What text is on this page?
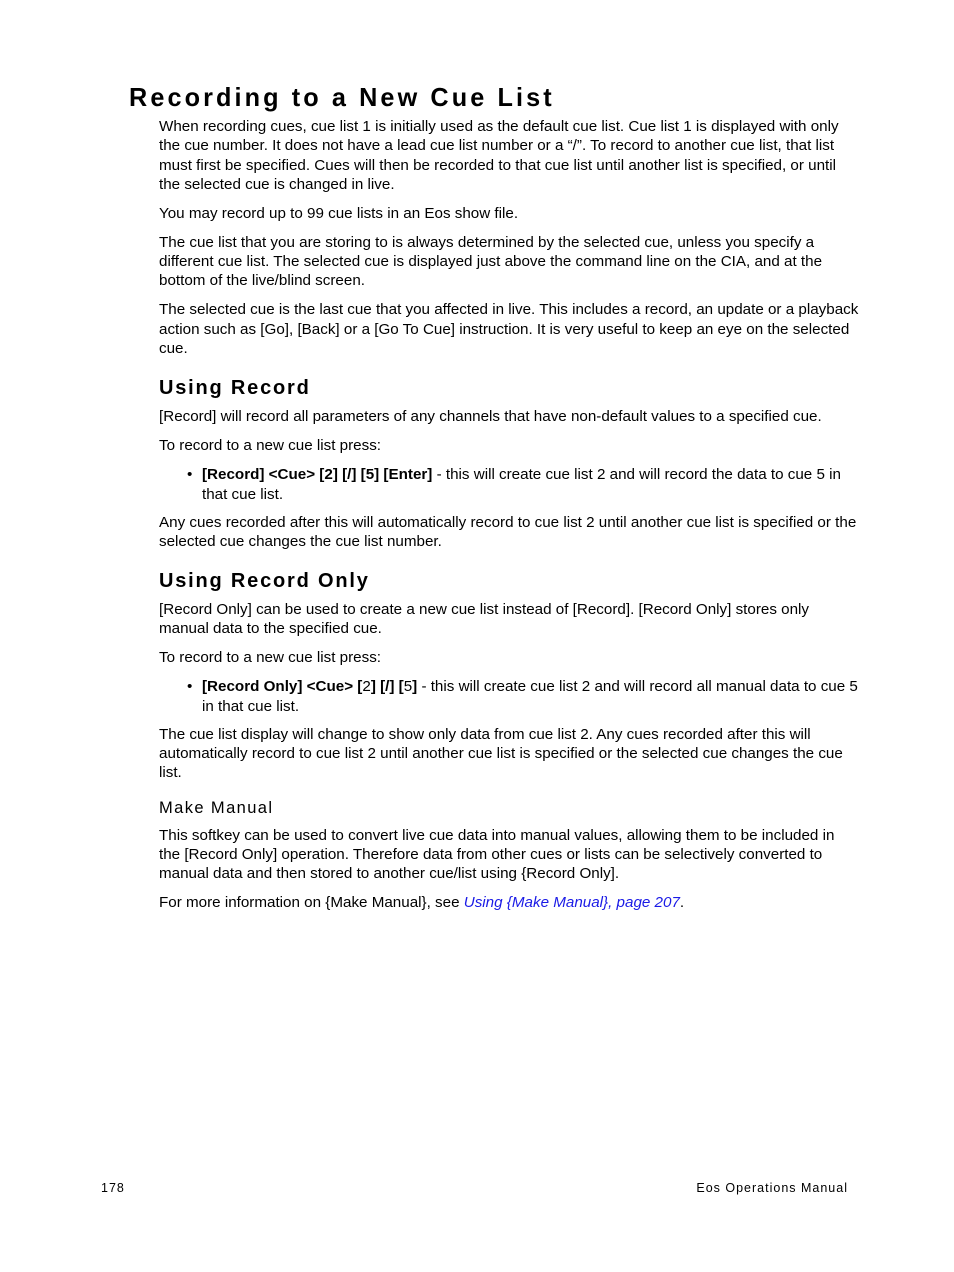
Recording to a New Cue List

When recording cues, cue list 1 is initially used as the default cue list. Cue list 1 is displayed with only the cue number. It does not have a lead cue list number or a “/”. To record to another cue list, that list must first be specified. Cues will then be recorded to that cue list until another list is specified, or until the selected cue is changed in live.

You may record up to 99 cue lists in an Eos show file.

The cue list that you are storing to is always determined by the selected cue, unless you specify a different cue list. The selected cue is displayed just above the command line on the CIA, and at the bottom of the live/blind screen.

The selected cue is the last cue that you affected in live. This includes a record, an update or a playback action such as [Go], [Back] or a [Go To Cue] instruction. It is very useful to keep an eye on the selected cue.

Using Record

[Record] will record all parameters of any channels that have non-default values to a specified cue.

To record to a new cue list press:

• [Record] <Cue> [2] [/] [5] [Enter] - this will create cue list 2 and will record the data to cue 5 in that cue list.

Any cues recorded after this will automatically record to cue list 2 until another cue list is specified or the selected cue changes the cue list number.

Using Record Only

[Record Only] can be used to create a new cue list instead of [Record]. [Record Only] stores only manual data to the specified cue.

To record to a new cue list press:

• [Record Only] <Cue> [2] [/] [5] - this will create cue list 2 and will record all manual data to cue 5 in that cue list.

The cue list display will change to show only data from cue list 2. Any cues recorded after this will automatically record to cue list 2 until another cue list is specified or the selected cue changes the cue list.

Make Manual

This softkey can be used to convert live cue data into manual values, allowing them to be included in the [Record Only] operation. Therefore data from other cues or lists can be selectively converted to manual data and then stored to another cue/list using {Record Only].

For more information on {Make Manual}, see Using {Make Manual}, page 207.

178	Eos Operations Manual
